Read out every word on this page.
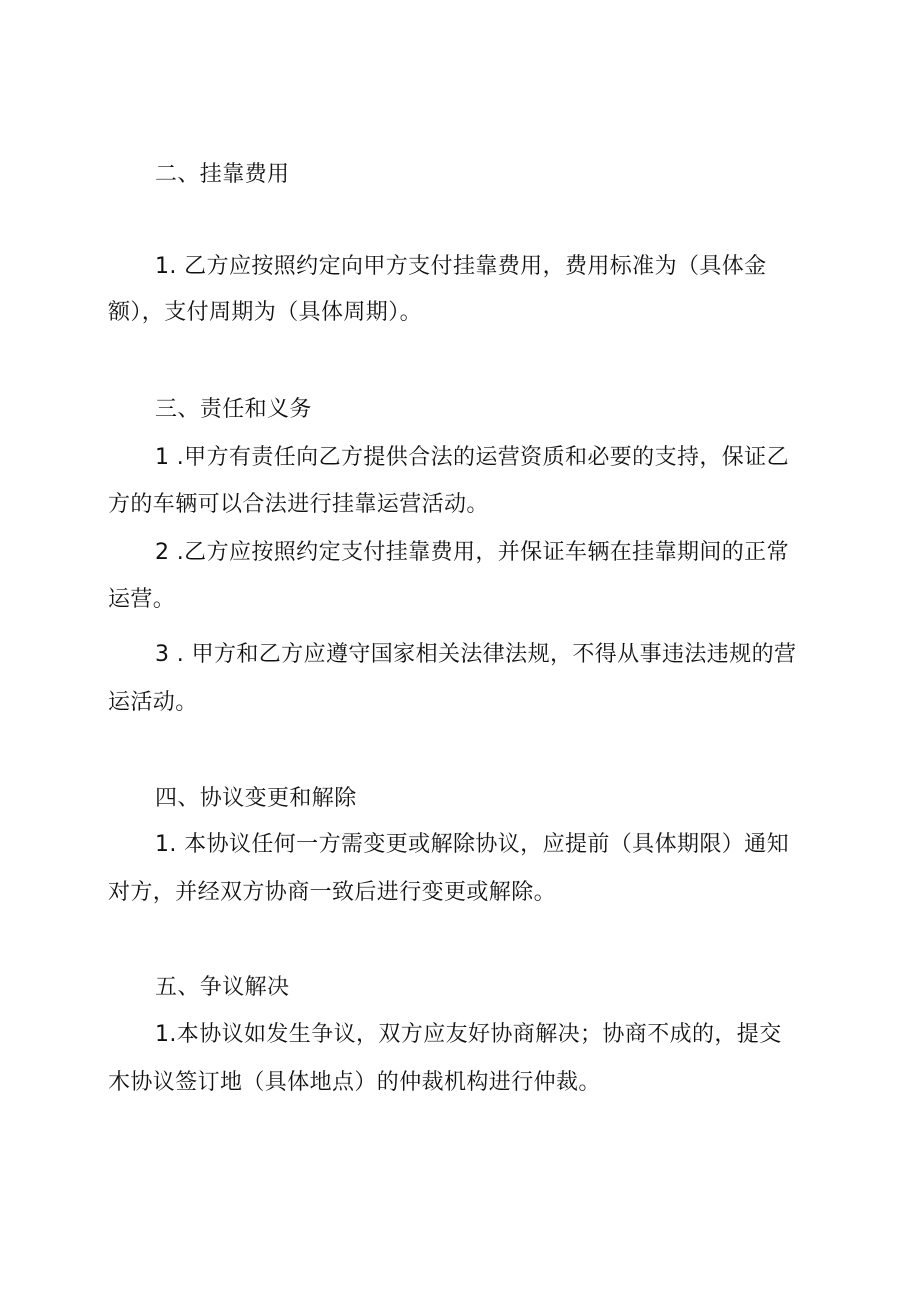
二、挂靠费用

1. 乙方应按照约定向甲方支付挂靠费用，费用标准为（具体金

额），支付周期为（具体周期）。

三、责任和义务

1 .甲方有责任向乙方提供合法的运营资质和必要的支持，保证乙

方的车辆可以合法进行挂靠运营活动。

2 .乙方应按照约定支付挂靠费用，并保证车辆在挂靠期间的正常

运营。

3 . 甲方和乙方应遵守国家相关法律法规，不得从事违法违规的营

运活动。

四、协议变更和解除

1. 本协议任何一方需变更或解除协议，应提前（具体期限）通知

对方，并经双方协商一致后进行变更或解除。

五、争议解决

1.本协议如发生争议，双方应友好协商解决；协商不成的，提交

木协议签订地（具体地点）的仲裁机构进行仲裁。
